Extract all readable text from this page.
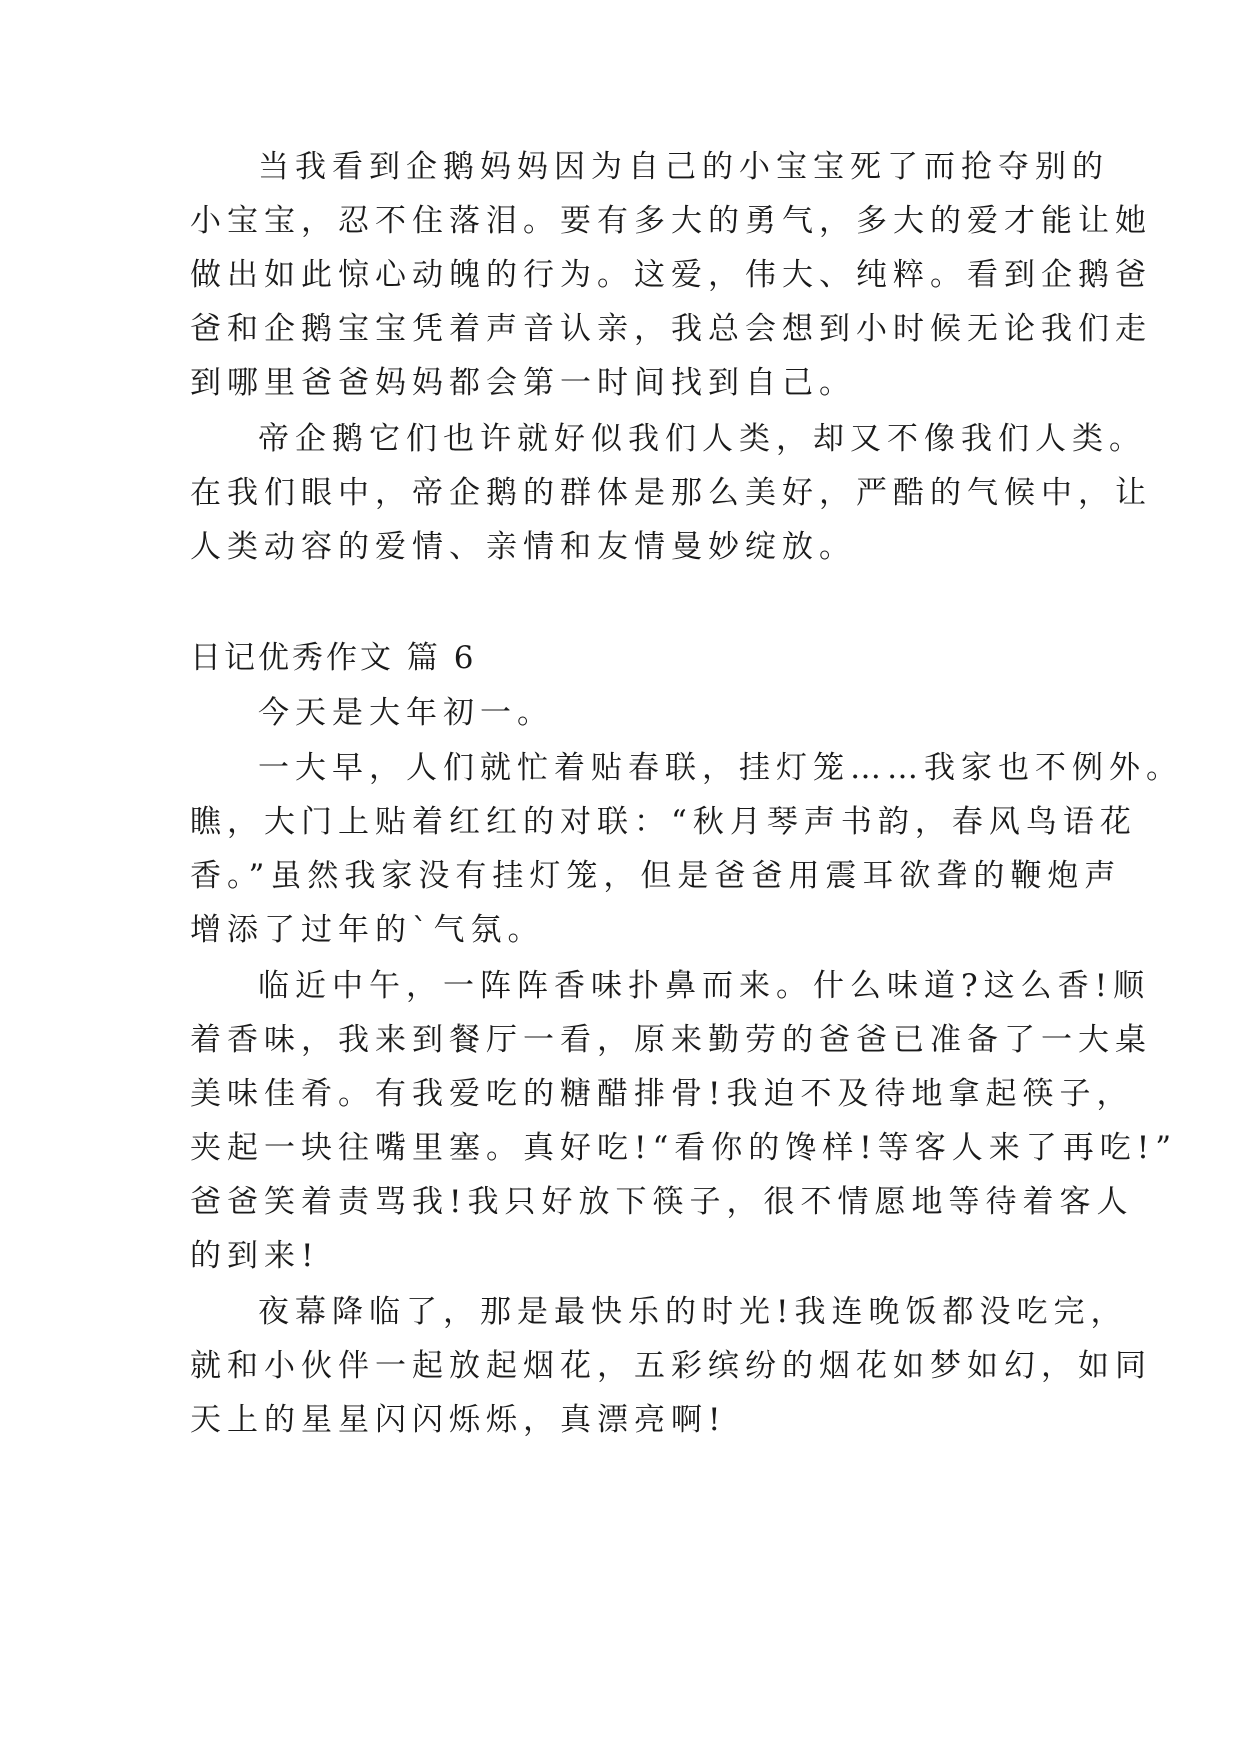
当我看到企鹅妈妈因为自己的小宝宝死了而抢夺别的
小宝宝，忍不住落泪。要有多大的勇气，多大的爱才能让她
做出如此惊心动魄的行为。这爱，伟大、纯粹。看到企鹅爸
爸和企鹅宝宝凭着声音认亲，我总会想到小时候无论我们走
到哪里爸爸妈妈都会第一时间找到自己。
帝企鹅它们也许就好似我们人类，却又不像我们人类。
在我们眼中，帝企鹅的群体是那么美好，严酷的气候中，让
人类动容的爱情、亲情和友情曼妙绽放。
日记优秀作文 篇 6
今天是大年初一。
一大早，人们就忙着贴春联，挂灯笼……我家也不例外。
瞧，大门上贴着红红的对联：“秋月琴声书韵，春风鸟语花
香。”虽然我家没有挂灯笼，但是爸爸用震耳欲聋的鞭炮声
增添了过年的`气氛。
临近中午，一阵阵香味扑鼻而来。什么味道?这么香!顺
着香味，我来到餐厅一看，原来勤劳的爸爸已准备了一大桌
美味佳肴。有我爱吃的糖醋排骨!我迫不及待地拿起筷子，
夹起一块往嘴里塞。真好吃!“看你的馋样!等客人来了再吃!”
爸爸笑着责骂我!我只好放下筷子，很不情愿地等待着客人
的到来!
夜幕降临了，那是最快乐的时光!我连晚饭都没吃完，
就和小伙伴一起放起烟花，五彩缤纷的烟花如梦如幻，如同
天上的星星闪闪烁烁，真漂亮啊!
